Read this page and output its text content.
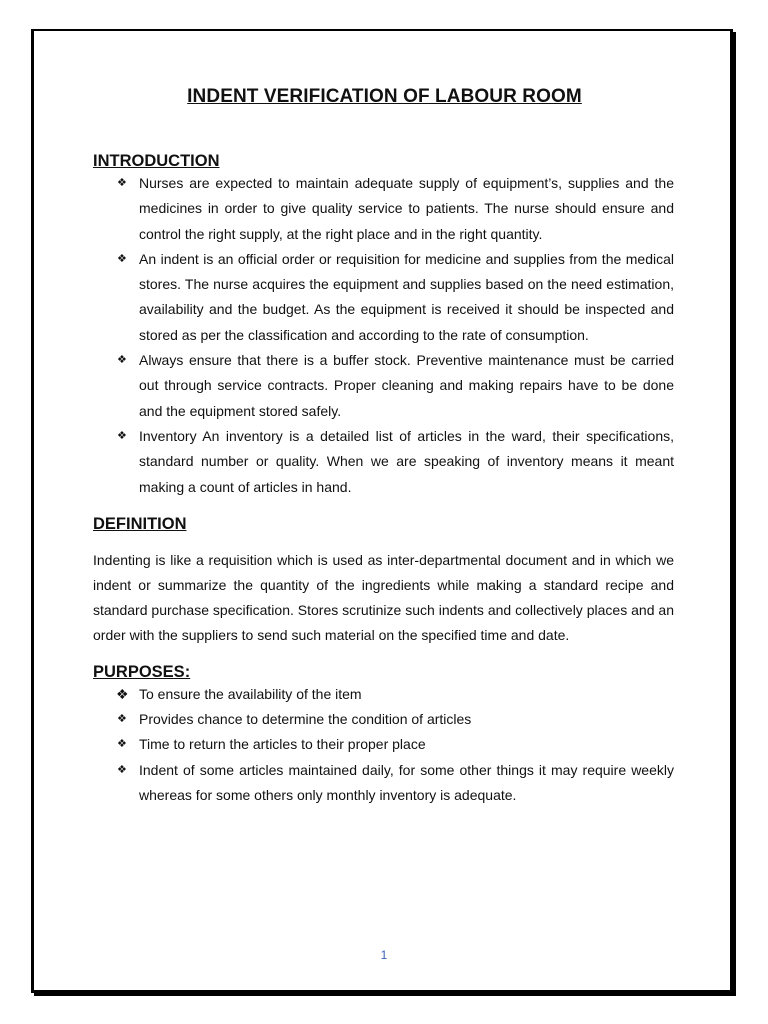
INDENT VERIFICATION OF LABOUR ROOM
INTRODUCTION
❖ Nurses are expected to maintain adequate supply of equipment’s, supplies and the medicines in order to give quality service to patients. The nurse should ensure and control the right supply, at the right place and in the right quantity.
❖ An indent is an official order or requisition for medicine and supplies from the medical stores. The nurse acquires the equipment and supplies based on the need estimation, availability and the budget. As the equipment is received it should be inspected and stored as per the classification and according to the rate of consumption.
❖ Always ensure that there is a buffer stock. Preventive maintenance must be carried out through service contracts. Proper cleaning and making repairs have to be done and the equipment stored safely.
❖ Inventory An inventory is a detailed list of articles in the ward, their specifications, standard number or quality. When we are speaking of inventory means it meant making a count of articles in hand.
DEFINITION

Indenting is like a requisition which is used as inter-departmental document and in which we indent or summarize the quantity of the ingredients while making a standard recipe and standard purchase specification. Stores scrutinize such indents and collectively places and an order with the suppliers to send such material on the specified time and date.

PURPOSES:
❖ To ensure the availability of the item
❖ Provides chance to determine the condition of articles
❖ Time to return the articles to their proper place
❖ Indent of some articles maintained daily, for some other things it may require weekly whereas for some others only monthly inventory is adequate.
1
